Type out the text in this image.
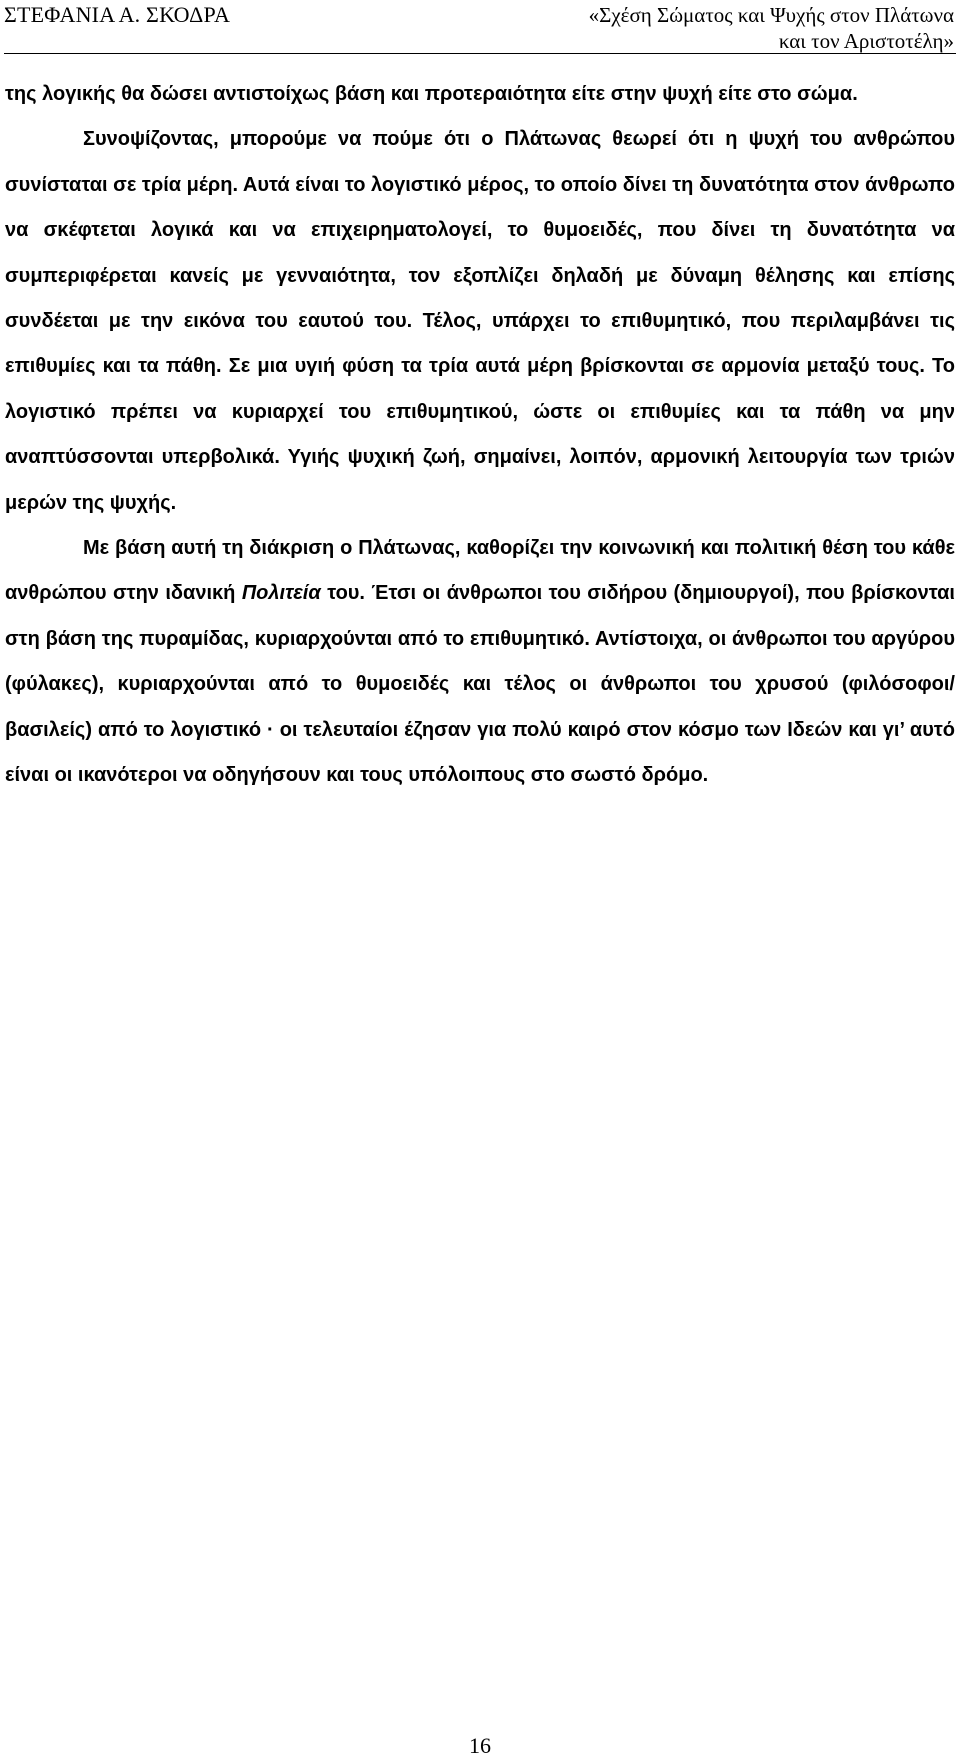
ΣΤΕΦΑΝΙΑ Α. ΣΚΟΔΡΑ	«Σχέση Σώματος και Ψυχής στον Πλάτωνα
και τον Αριστοτέλη»

της λογικής θα δώσει αντιστοίχως βάση και προτεραιότητα είτε στην ψυχή είτε στο σώμα.

Συνοψίζοντας, μπορούμε να πούμε ότι ο Πλάτωνας θεωρεί ότι η ψυχή του ανθρώπου συνίσταται σε τρία μέρη. Αυτά είναι το λογιστικό μέρος, το οποίο δίνει τη δυνατότητα στον άνθρωπο να σκέφτεται λογικά και να επιχειρηματολογεί, το θυμοειδές, που δίνει τη δυνατότητα να συμπεριφέρεται κανείς με γενναιότητα, τον εξοπλίζει δηλαδή με δύναμη θέλησης και επίσης συνδέεται με την εικόνα του εαυτού του. Τέλος, υπάρχει το επιθυμητικό, που περιλαμβάνει τις επιθυμίες και τα πάθη. Σε μια υγιή φύση τα τρία αυτά μέρη βρίσκονται σε αρμονία μεταξύ τους. Το λογιστικό πρέπει να κυριαρχεί του επιθυμητικού, ώστε οι επιθυμίες και τα πάθη να μην αναπτύσσονται υπερβολικά. Υγιής ψυχική ζωή, σημαίνει, λοιπόν, αρμονική λειτουργία των τριών μερών της ψυχής.

Με βάση αυτή τη διάκριση ο Πλάτωνας, καθορίζει την κοινωνική και πολιτική θέση του κάθε ανθρώπου στην ιδανική Πολιτεία του. Έτσι οι άνθρωποι του σιδήρου (δημιουργοί), που βρίσκονται στη βάση της πυραμίδας, κυριαρχούνται από το επιθυμητικό. Αντίστοιχα, οι άνθρωποι του αργύρου (φύλακες), κυριαρχούνται από το θυμοειδές και τέλος οι άνθρωποι του χρυσού (φιλόσοφοι/ βασιλείς) από το λογιστικό · οι τελευταίοι έζησαν για πολύ καιρό στον κόσμο των Ιδεών και γι’ αυτό είναι οι ικανότεροι να οδηγήσουν και τους υπόλοιπους στο σωστό δρόμο.

16
